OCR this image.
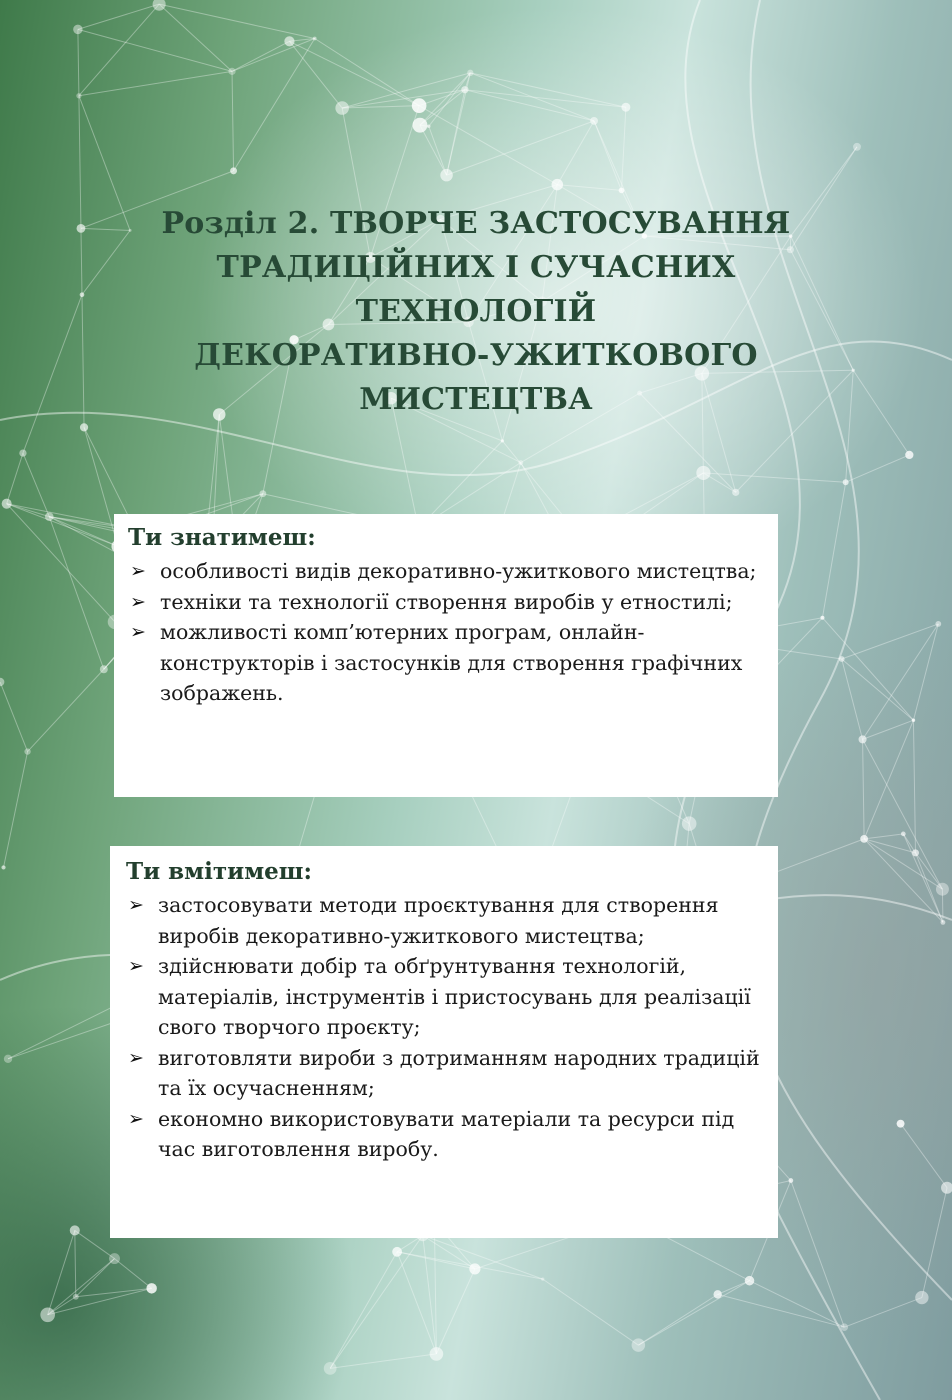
Розділ 2. ТВОРЧЕ ЗАСТОСУВАННЯ
ТРАДИЦІЙНИХ І СУЧАСНИХ
ТЕХНОЛОГІЙ
ДЕКОРАТИВНО-УЖИТКОВОГО
МИСТЕЦТВА
Ти знатимеш:
➢ особливості видів декоративно-ужиткового мистецтва;
➢ техніки та технології створення виробів у етностилі;
➢ можливості комп’ютерних програм, онлайн-конструкторів і застосунків для створення графічних зображень.
Ти вмітимеш:
➢ застосовувати методи проєктування для створення виробів декоративно-ужиткового мистецтва;
➢ здійснювати добір та обґрунтування технологій, матеріалів, інструментів і пристосувань для реалізації свого творчого проєкту;
➢ виготовляти вироби з дотриманням народних традицій та їх осучасненням;
➢ економно використовувати матеріали та ресурси під час виготовлення виробу.
